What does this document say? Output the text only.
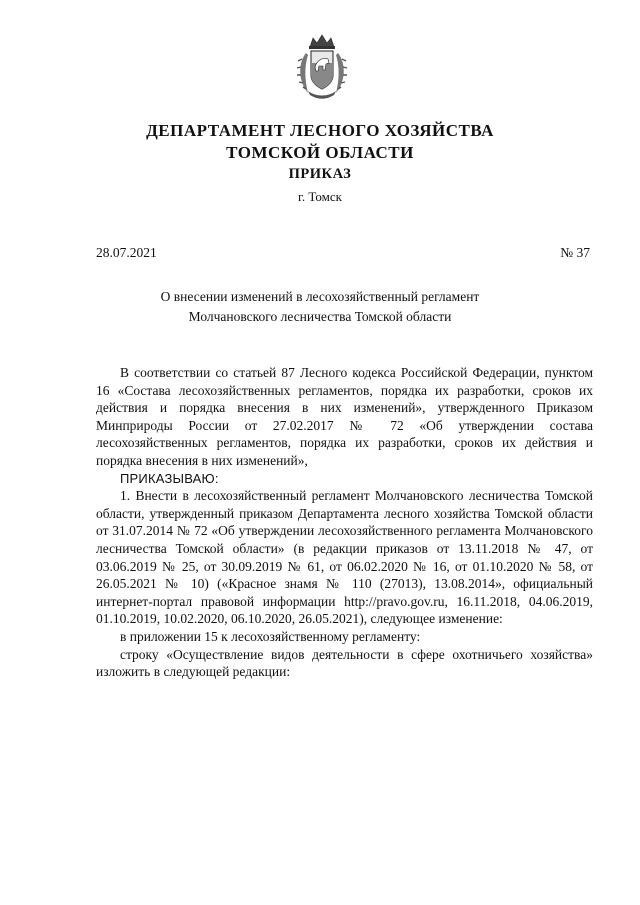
ДЕПАРТАМЕНТ ЛЕСНОГО ХОЗЯЙСТВА
ТОМСКОЙ ОБЛАСТИ
ПРИКАЗ
г. Томск
28.07.2021	№ 37
О внесении изменений в лесохозяйственный регламент
Молчановского лесничества Томской области

В соответствии со статьей 87 Лесного кодекса Российской Федерации, пунктом 16 «Состава лесохозяйственных регламентов, порядка их разработки, сроков их действия и порядка внесения в них изменений», утвержденного Приказом Минприроды России от 27.02.2017 № 72 «Об утверждении состава лесохозяйственных регламентов, порядка их разработки, сроков их действия и порядка внесения в них изменений»,

ПРИКАЗЫВАЮ:

1. Внести в лесохозяйственный регламент Молчановского лесничества Томской области, утвержденный приказом Департамента лесного хозяйства Томской области от 31.07.2014 № 72 «Об утверждении лесохозяйственного регламента Молчановского лесничества Томской области» (в редакции приказов от 13.11.2018 № 47, от 03.06.2019 № 25, от 30.09.2019 № 61, от 06.02.2020 № 16, от 01.10.2020 № 58, от 26.05.2021 № 10) («Красное знамя № 110 (27013), 13.08.2014», официальный интернет-портал правовой информации http://pravo.gov.ru, 16.11.2018, 04.06.2019, 01.10.2019, 10.02.2020, 06.10.2020, 26.05.2021), следующее изменение:

в приложении 15 к лесохозяйственному регламенту:

строку «Осуществление видов деятельности в сфере охотничьего хозяйства» изложить в следующей редакции:
